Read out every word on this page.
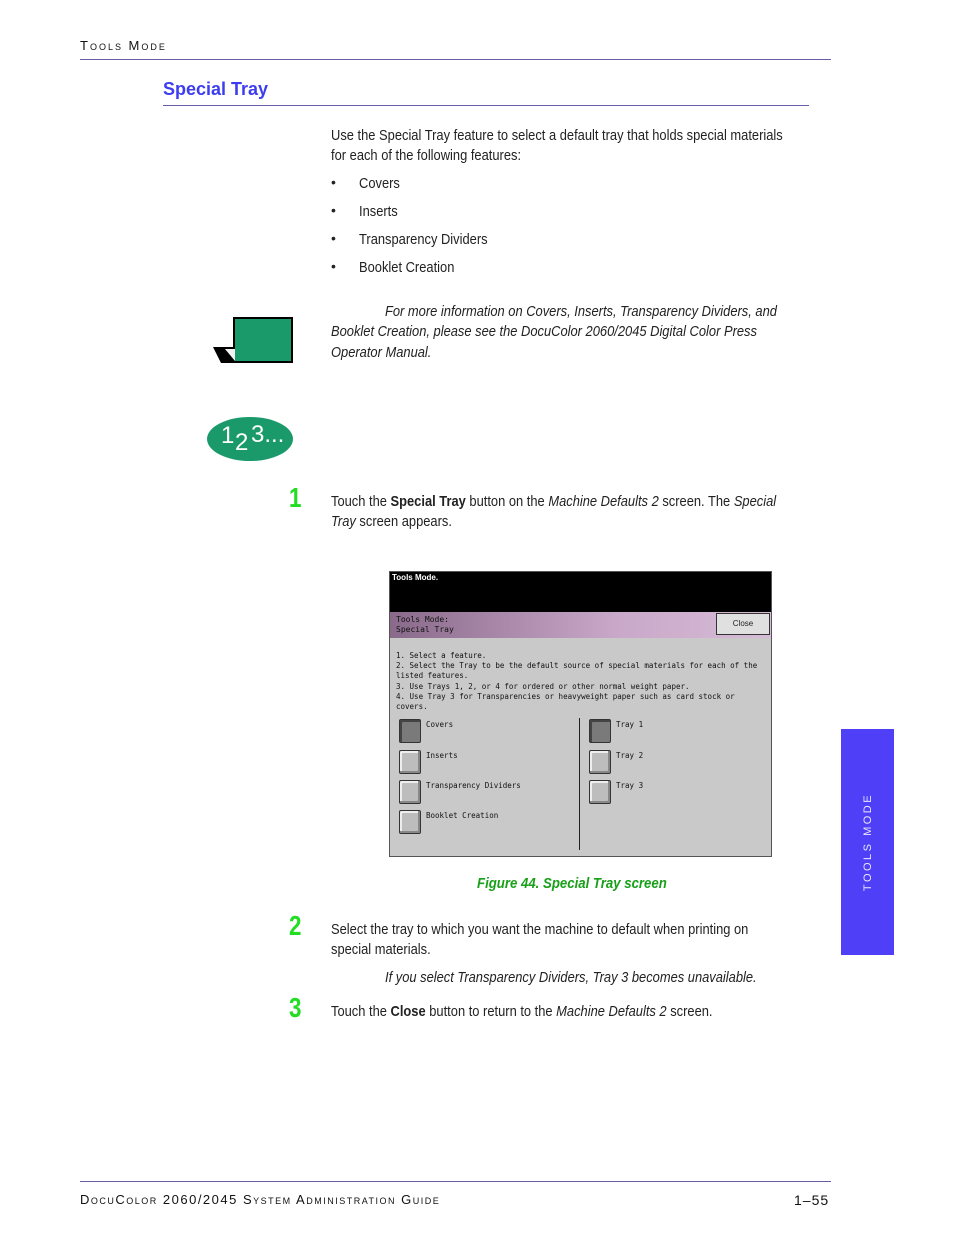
Tools Mode
Special Tray
Use the Special Tray feature to select a default tray that holds special materials
for each of the following features:
• Covers
• Inserts
• Transparency Dividers
• Booklet Creation
For more information on Covers, Inserts, Transparency Dividers, and
Booklet Creation, please see the DocuColor 2060/2045 Digital Color Press
Operator Manual.
1 2 3...
1 Touch the Special Tray button on the Machine Defaults 2 screen. The Special
Tray screen appears.
Tools Mode.
Tools Mode:
Special Tray
Close
1. Select a feature.
2. Select the Tray to be the default source of special materials for each of the
listed features.
3. Use Trays 1, 2, or 4 for ordered or other normal weight paper.
4. Use Tray 3 for Transparencies or heavyweight paper such as card stock or
covers.
Covers
Inserts
Transparency Dividers
Booklet Creation
Tray 1
Tray 2
Tray 3
Figure 44. Special Tray screen
2 Select the tray to which you want the machine to default when printing on
special materials.
If you select Transparency Dividers, Tray 3 becomes unavailable.
3 Touch the Close button to return to the Machine Defaults 2 screen.
TOOLS MODE
DocuColor 2060/2045 System Administration Guide	1–55
